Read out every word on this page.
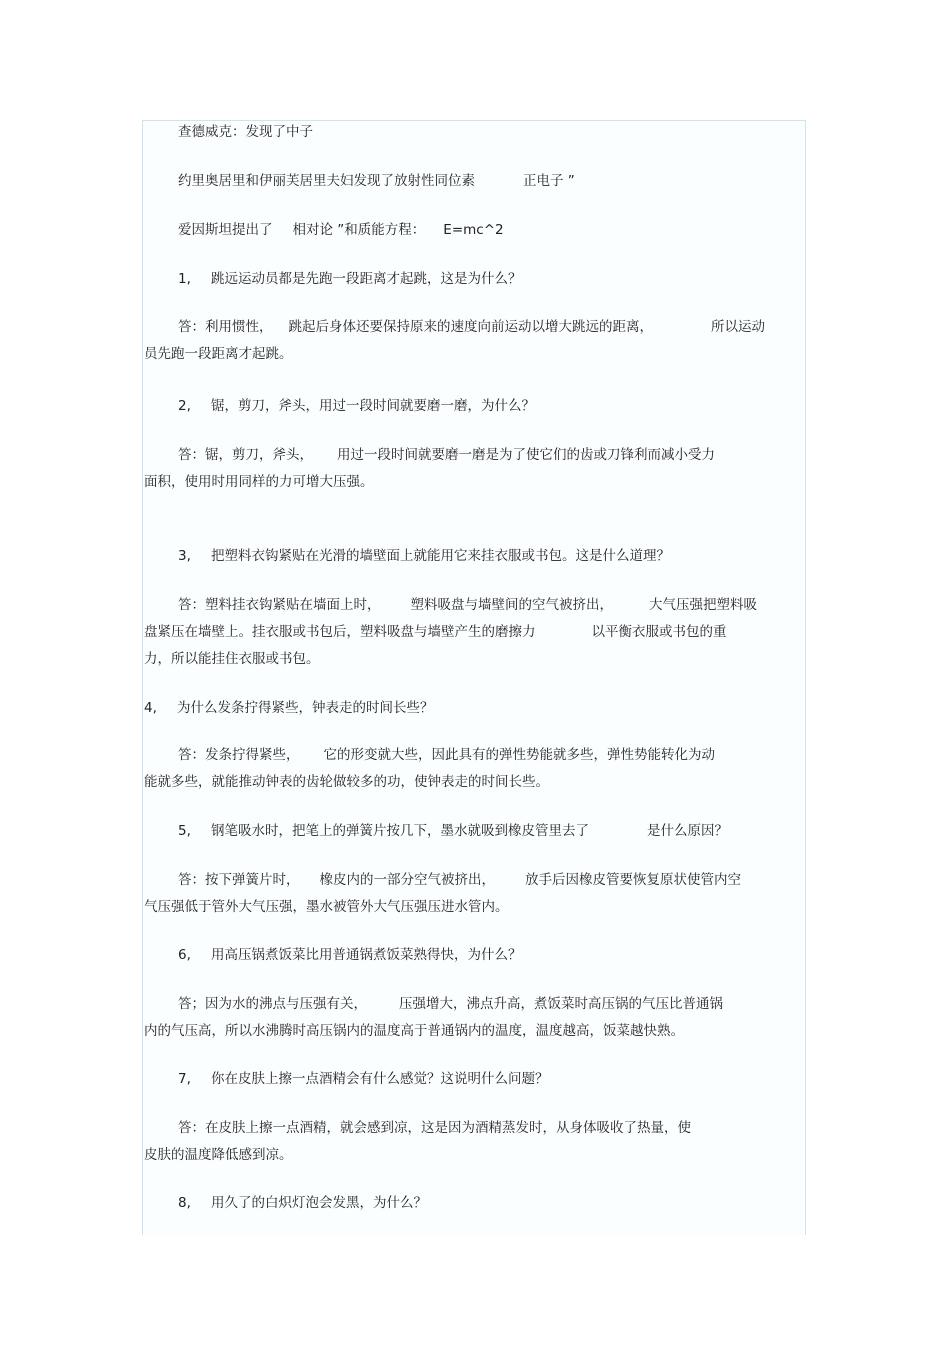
查德威克：发现了中子
约里奥居里和伊丽芙居里夫妇发现了放射性同位素	正电子 ”
爱因斯坦提出了 相对论 ”和质能方程： E=mc^2
1, 跳远运动员都是先跑一段距离才起跳，这是为什么？
答：利用惯性， 跳起后身体还要保持原来的速度向前运动以增大跳远的距离，	所以运动
员先跑一段距离才起跳。
2, 锯，剪刀，斧头，用过一段时间就要磨一磨，为什么？
答：锯，剪刀，斧头， 用过一段时间就要磨一磨是为了使它们的齿或刀锋利而减小受力
面积，使用时用同样的力可增大压强。
3, 把塑料衣钩紧贴在光滑的墙壁面上就能用它来挂衣服或书包。这是什么道理？
答：塑料挂衣钩紧贴在墙面上时， 塑料吸盘与墙壁间的空气被挤出，	大气压强把塑料吸
盘紧压在墙壁上。挂衣服或书包后，塑料吸盘与墙壁产生的磨擦力	以平衡衣服或书包的重
力，所以能挂住衣服或书包。
4, 为什么发条拧得紧些，钟表走的时间长些？
答：发条拧得紧些， 它的形变就大些，因此具有的弹性势能就多些，弹性势能转化为动
能就多些，就能推动钟表的齿轮做较多的功，使钟表走的时间长些。
5, 钢笔吸水时，把笔上的弹簧片按几下，墨水就吸到橡皮管里去了	是什么原因？
答：按下弹簧片时， 橡皮内的一部分空气被挤出， 放手后因橡皮管要恢复原状使管内空
气压强低于管外大气压强，墨水被管外大气压强压进水管内。
6, 用高压锅煮饭菜比用普通锅煮饭菜熟得快，为什么？
答；因为水的沸点与压强有关， 压强增大，沸点升高，煮饭菜时高压锅的气压比普通锅
内的气压高，所以水沸腾时高压锅内的温度高于普通锅内的温度，温度越高，饭菜越快熟。
7, 你在皮肤上擦一点酒精会有什么感觉？这说明什么问题？
答：在皮肤上擦一点酒精，就会感到凉，这是因为酒精蒸发时，从身体吸收了热量，使
皮肤的温度降低感到凉。
8, 用久了的白炽灯泡会发黑，为什么？
